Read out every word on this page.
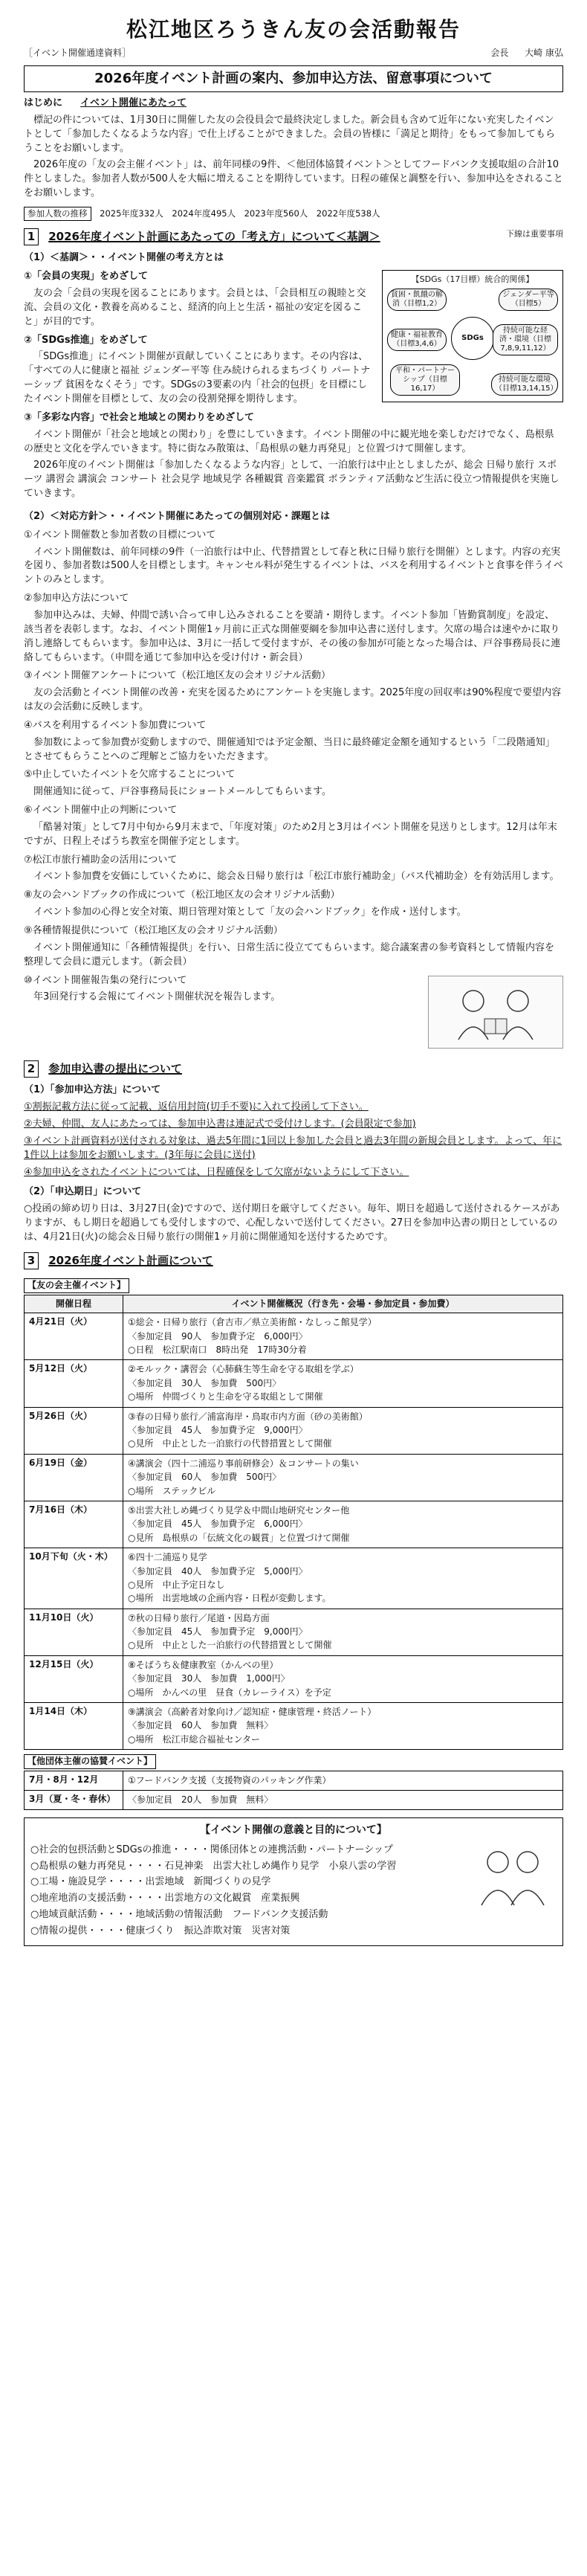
松江地区ろうきん友の会活動報告
［イベント開催通達資料］	会長 大崎 康弘
2026年度イベント計画の案内、参加申込方法、留意事項について
はじめに イベント開催にあたって

標記の件については、1月30日に開催した友の会役員会で最終決定しました。新会員も含めて近年にない充実したイベントとして「参加したくなるような内容」で仕上げることができました。会員の皆様に「満足と期待」をもって参加してもらうことをお願いします。

2026年度の「友の会主催イベント」は、前年同様の9件、＜他団体協賛イベント＞としてフードバンク支援取組の合計10件としました。参加者人数が500人を大幅に増えることを期待しています。日程の確保と調整を行い、参加申込をされることをお願いします。

参加人数の推移 2025年度332人　2024年度495人　2023年度560人　2022年度538人
1 2026年度イベント計画にあたっての「考え方」について＜基調＞	下線は重要事項
（1）＜基調＞・・イベント開催の考え方とは
【SDGs（17目標）統合的関係】
貧困・飢餓の解消（目標1,2）
ジェンダー平等（目標5）
SDGs
健康・福祉教育（目標3,4,6）
持続可能な経済・環境（目標7,8,9,11,12）
平和・パートナーシップ（目標16,17）
持続可能な環境（目標13,14,15）
①「会員の実現」をめざして

友の会「会員の実現を図ることにあります。会員とは、「会員相互の親睦と交流、会員の文化・教養を高めること、経済的向上と生活・福祉の安定を図ること」が目的です。

②「SDGs推進」をめざして

「SDGs推進」にイベント開催が貢献していくことにあります。その内容は、「すべての人に健康と福祉 ジェンダー平等 住み続けられるまちづくり パートナーシップ 貧困をなくそう」です。SDGsの3要素の内「社会的包摂」を目標にしたイベント開催を目標として、友の会の役割発揮を期待します。

③「多彩な内容」で社会と地域との関わりをめざして

イベント開催が「社会と地域との関わり」を豊にしていきます。イベント開催の中に観光地を楽しむだけでなく、島根県の歴史と文化を学んでいきます。特に街なみ散策は、「島根県の魅力再発見」と位置づけて開催します。

2026年度のイベント開催は「参加したくなるような内容」として、一泊旅行は中止としましたが、総会 日帰り旅行 スポーツ 講習会 講演会 コンサート 社会見学 地域見学 各種観賞 音楽鑑賞 ボランティア活動など生活に役立つ情報提供を実施していきます。

（2）＜対応方針＞・・イベント開催にあたっての個別対応・課題とは
①イベント開催数と参加者数の目標について

イベント開催数は、前年同様の9件（一泊旅行は中止、代替措置として春と秋に日帰り旅行を開催）とします。内容の充実を図り、参加者数は500人を目標とします。キャンセル料が発生するイベントは、バスを利用するイベントと食事を伴うイベントのみとします。

②参加申込方法について

参加申込みは、夫婦、仲間で誘い合って申し込みされることを要請・期待します。イベント参加「皆勤賞制度」を設定、該当者を表彰します。なお、イベント開催1ヶ月前に正式な開催要綱を参加申込書に送付します。欠席の場合は速やかに取り消し連絡してもらいます。参加申込は、3月に一括して受付ますが、その後の参加が可能となった場合は、戸谷事務局長に連絡してもらいます。（申間を通じて参加申込を受け付け・新会員）

③イベント開催アンケートについて（松江地区友の会オリジナル活動）

友の会活動とイベント開催の改善・充実を図るためにアンケートを実施します。2025年度の回収率は90%程度で要望内容は友の会活動に反映します。

④バスを利用するイベント参加費について

参加数によって参加費が変動しますので、開催通知では予定金額、当日に最終確定金額を通知するという「二段階通知」とさせてもらうことへのご理解とご協力をいただきます。

⑤中止していたイベントを欠席することについて

開催通知に従って、戸谷事務局長にショートメールしてもらいます。

⑥イベント開催中止の判断について

「酷暑対策」として7月中旬から9月末まで、「年度対策」のため2月と3月はイベント開催を見送りとします。12月は年末ですが、日程上そばうち教室を開催予定とします。

⑦松江市旅行補助金の活用について

イベント参加費を安価にしていくために、総会＆日帰り旅行は「松江市旅行補助金」（バス代補助金）を有効活用します。

⑧友の会ハンドブックの作成について（松江地区友の会オリジナル活動）

イベント参加の心得と安全対策、期日管理対策として「友の会ハンドブック」を作成・送付します。

⑨各種情報提供について（松江地区友の会オリジナル活動）

イベント開催通知に「各種情報提供」を行い、日常生活に役立ててもらいます。総合議案書の参考資料として情報内容を整理して会員に還元します。（新会員）

⑩イベント開催報告集の発行について

年3回発行する会報にてイベント開催状況を報告します。

2 参加申込書の提出について
（1）「参加申込方法」について

①割振記載方法に従って記載、返信用封筒(切手不要)に入れて投函して下さい。

②夫婦、仲間、友人にあたっては、参加申込書は連記式で受付けします。(会員限定で参加)

③イベント計画資料が送付される対象は、過去5年間に1回以上参加した会員と過去3年間の新規会員とします。よって、年に1件以上は参加をお願いします。(3年毎に会員に送付)

④参加申込をされたイベントについては、日程確保をして欠席がないようにして下さい。

（2）「申込期日」について

○投函の締め切り日は、3月27日(金)ですので、送付期日を厳守してください。毎年、期日を超過して送付されるケースがありますが、もし期日を超過しても受付しますので、心配しないで送付してください。27日を参加申込書の期日としているのは、4月21日(火)の総会＆日帰り旅行の開催1ヶ月前に開催通知を送付するためです。

3 2026年度イベント計画について
【友の会主催イベント】
開催日程	イベント開催概況（行き先・会場・参加定員・参加費）
4月21日（火）	①総会・日帰り旅行（倉吉市／県立美術館・なしっこ館見学）
〈参加定員　90人　参加費予定　6,000円〉
○日程　松江駅南口　8時出発　17時30分着

5月12日（火）	②モルック・講習会（心肺蘇生等生命を守る取組を学ぶ）
〈参加定員　30人　参加費　500円〉
○場所　仲間づくりと生命を守る取組として開催

5月26日（火）	③春の日帰り旅行／浦富海岸・鳥取市内方面（砂の美術館）
〈参加定員　45人　参加費予定　9,000円〉
○見所　中止とした一泊旅行の代替措置として開催

6月19日（金）	④講演会（四十二浦巡り事前研修会）＆コンサートの集い
〈参加定員　60人　参加費　500円〉
○場所　ステックビル

7月16日（木）	⑤出雲大社しめ縄づくり見学＆中間山地研究センター他
〈参加定員　45人　参加費予定　6,000円〉
○見所　島根県の「伝統文化の観賞」と位置づけて開催

10月下旬（火・木）	⑥四十二浦巡り見学
〈参加定員　40人　参加費予定　5,000円〉
○見所　中止予定日なし
○場所　出雲地域の企画内容・日程が変動します。

11月10日（火）	⑦秋の日帰り旅行／尾道・因島方面
〈参加定員　45人　参加費予定　9,000円〉
○見所　中止とした一泊旅行の代替措置として開催

12月15日（火）	⑧そばうち＆健康教室（かんべの里）
〈参加定員　30人　参加費　1,000円〉
○場所　かんべの里　昼食（カレーライス）を予定

1月14日（木）	⑨講演会（高齢者対象向け／認知症・健康管理・終活ノート）
〈参加定員　60人　参加費　無料〉
○場所　松江市総合福祉センター
【他団体主催の協賛イベント】
7月・8月・12月	①フードバンク支援（支援物資のパッキング作業）

3月（夏・冬・春休）	〈参加定員　20人　参加費　無料〉
【イベント開催の意義と目的について】

○社会的包摂活動とSDGsの推進・・・・関係団体との連携活動・パートナーシップ

○島根県の魅力再発見・・・・石見神楽　出雲大社しめ縄作り見学　小泉八雲の学習

○工場・施設見学・・・・出雲地域　新聞づくりの見学

○地産地消の支援活動・・・・出雲地方の文化観賞　産業振興

○地域貢献活動・・・・地域活動の情報活動　フードバンク支援活動

○情報の提供・・・・健康づくり　振込詐欺対策　災害対策
